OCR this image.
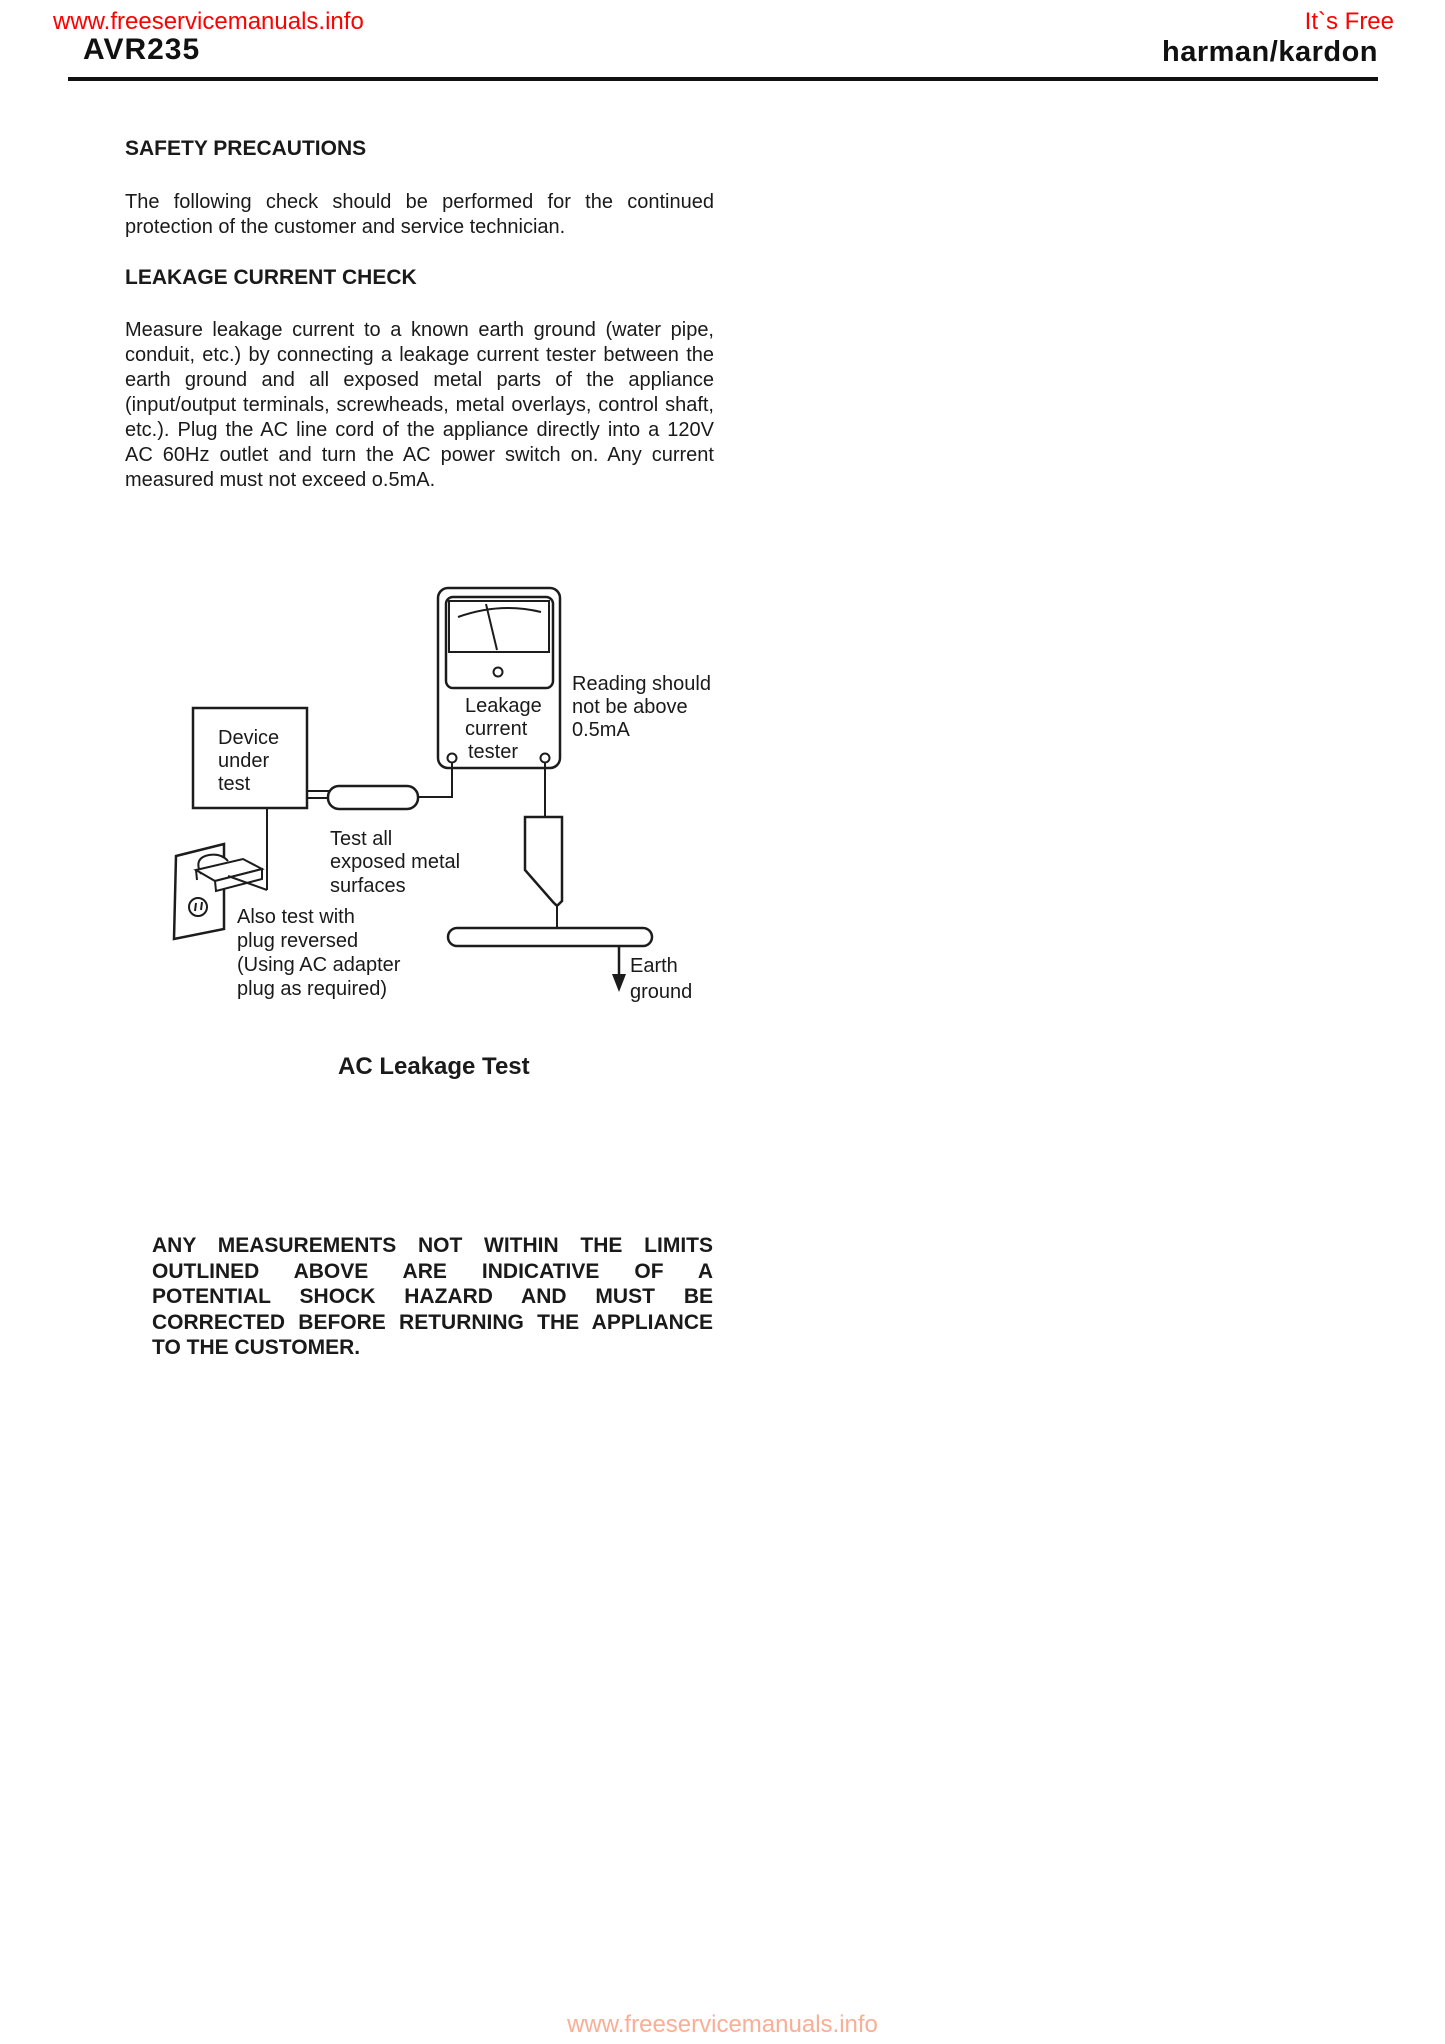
www.freeservicemanuals.info	It`s Free
AVR235	harman/kardon
SAFETY PRECAUTIONS
The following check should be performed for the continued protection of the customer and service technician.
LEAKAGE CURRENT CHECK
Measure leakage current to a known earth ground (water pipe, conduit, etc.) by connecting a leakage current tester between the earth ground and all exposed metal parts of the appliance (input/output terminals, screwheads, metal overlays, control shaft, etc.). Plug the AC line cord of the appliance directly into a 120V AC 60Hz outlet and turn the AC power switch on. Any current measured must not exceed o.5mA.
Leakage
current
tester
Reading should
not be above
0.5mA
Device
under
test
Test all
exposed metal
surfaces
Also test with
plug reversed
(Using AC adapter
plug as required)
Earth
ground
AC Leakage Test
ANY MEASUREMENTS NOT WITHIN THE LIMITS
OUTLINED ABOVE ARE INDICATIVE OF A
POTENTIAL SHOCK HAZARD AND MUST BE
CORRECTED BEFORE RETURNING THE APPLIANCE
TO THE CUSTOMER.
www.freeservicemanuals.info
